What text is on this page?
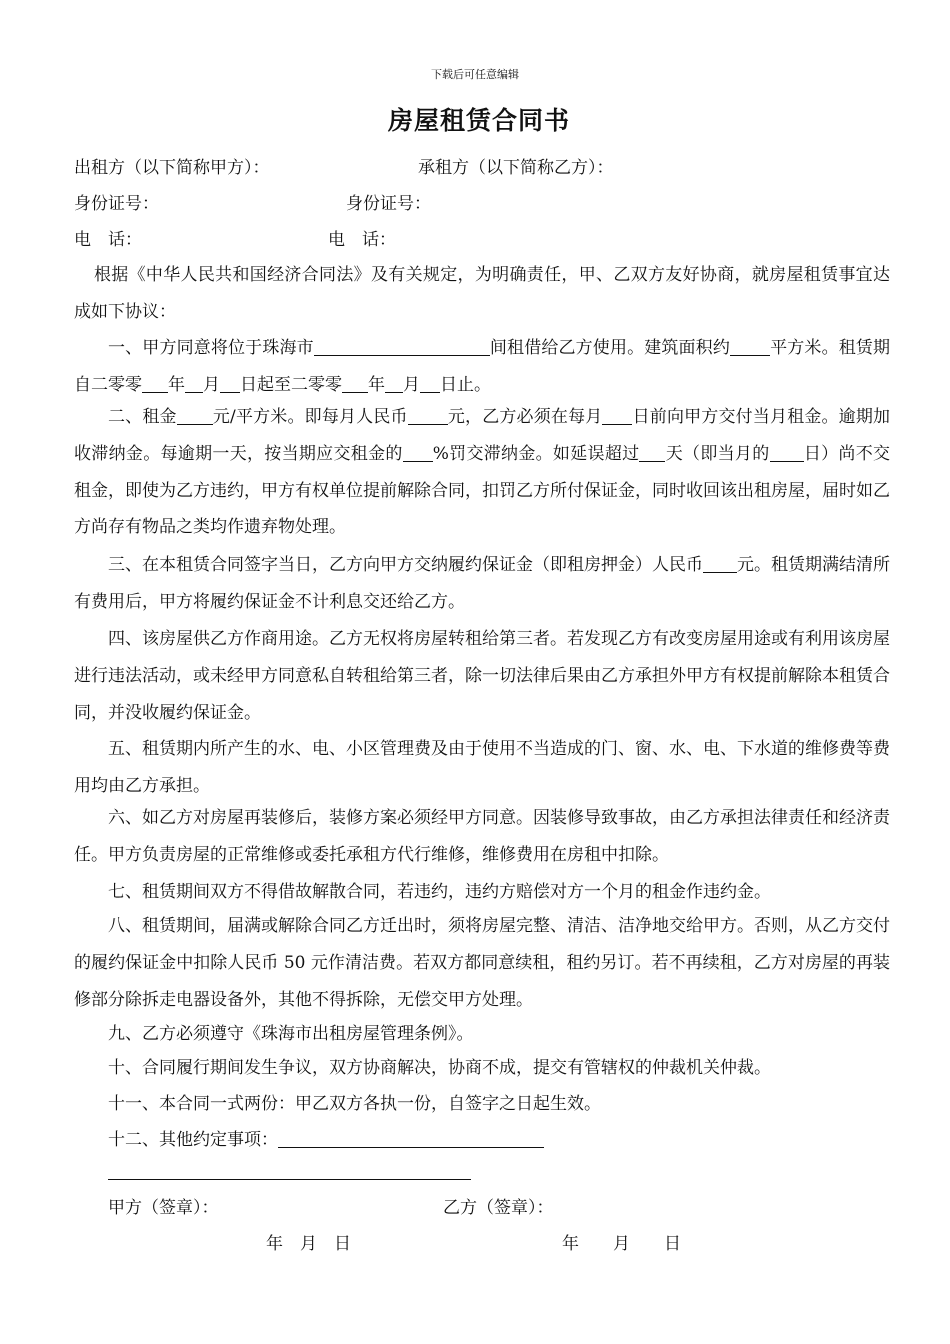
下载后可任意编辑
房屋租赁合同书
出租方（以下简称甲方）：	承租方（以下简称乙方）：
身份证号：	身份证号：
电　话：	电　话：
根据《中华人民共和国经济合同法》及有关规定，为明确责任，甲、乙双方友好协商，就房屋租赁事宜达成如下协议：
一、甲方同意将位于珠海市	间租借给乙方使用。建筑面积约 平方米。租赁期自二零零 年 月 日起至二零零 年 月 日止。
二、租金 元/平方米。即每月人民币 元，乙方必须在每月 日前向甲方交付当月租金。逾期加收滞纳金。每逾期一天，按当期应交租金的 %罚交滞纳金。如延误超过 天（即当月的 日）尚不交租金，即使为乙方违约，甲方有权单位提前解除合同，扣罚乙方所付保证金，同时收回该出租房屋，届时如乙方尚存有物品之类均作遗弃物处理。
三、在本租赁合同签字当日，乙方向甲方交纳履约保证金（即租房押金）人民币 元。租赁期满结清所有费用后，甲方将履约保证金不计利息交还给乙方。
四、该房屋供乙方作商用途。乙方无权将房屋转租给第三者。若发现乙方有改变房屋用途或有利用该房屋进行违法活动，或未经甲方同意私自转租给第三者，除一切法律后果由乙方承担外甲方有权提前解除本租赁合同，并没收履约保证金。
五、租赁期内所产生的水、电、小区管理费及由于使用不当造成的门、窗、水、电、下水道的维修费等费用均由乙方承担。
六、如乙方对房屋再装修后，装修方案必须经甲方同意。因装修导致事故，由乙方承担法律责任和经济责任。甲方负责房屋的正常维修或委托承租方代行维修，维修费用在房租中扣除。
七、租赁期间双方不得借故解散合同，若违约，违约方赔偿对方一个月的租金作违约金。
八、租赁期间，届满或解除合同乙方迁出时，须将房屋完整、清洁、洁净地交给甲方。否则，从乙方交付的履约保证金中扣除人民币 50 元作清洁费。若双方都同意续租，租约另订。若不再续租，乙方对房屋的再装修部分除拆走电器设备外，其他不得拆除，无偿交甲方处理。
九、乙方必须遵守《珠海市出租房屋管理条例》。
十、合同履行期间发生争议，双方协商解决，协商不成，提交有管辖权的仲裁机关仲裁。
十一、本合同一式两份：甲乙双方各执一份，自签字之日起生效。
十二、其他约定事项：
甲方（签章）：	乙方（签章）：
年　月　日	年　　月　　日
